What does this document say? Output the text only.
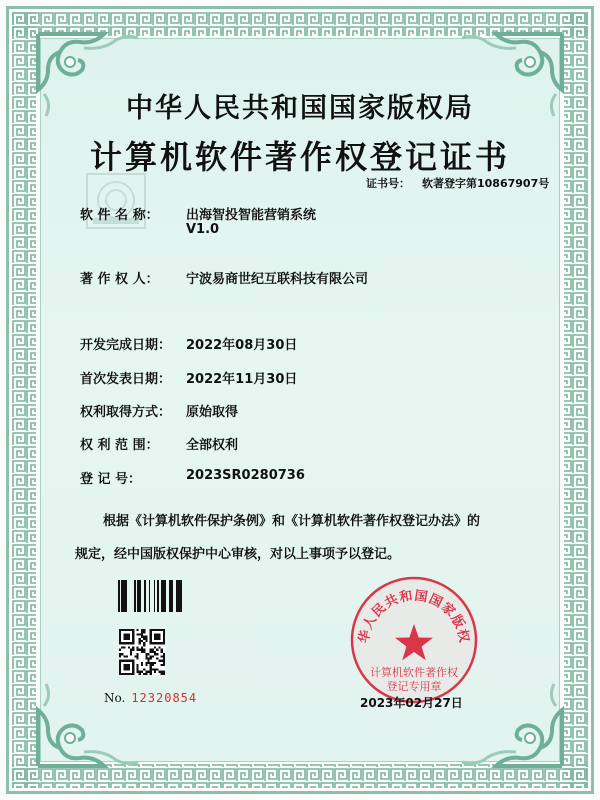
中华人民共和国国家版权局
计算机软件著作权登记证书
证书号： 软著登字第10867907号
软 件 名 称：	出海智投智能营销系统
V1.0
著 作 权 人：	宁波易商世纪互联科技有限公司
开发完成日期： 2022年08月30日
首次发表日期： 2022年11月30日
权利取得方式： 原始取得
权 利 范 围：	全部权利
登 记 号：	2023SR0280736
根据《计算机软件保护条例》和《计算机软件著作权登记办法》的
规定，经中国版权保护中心审核，对以上事项予以登记。
No. 12320854
华人民共和国国家版权
计算机软件著作权
登记专用章
2023年02月27日
